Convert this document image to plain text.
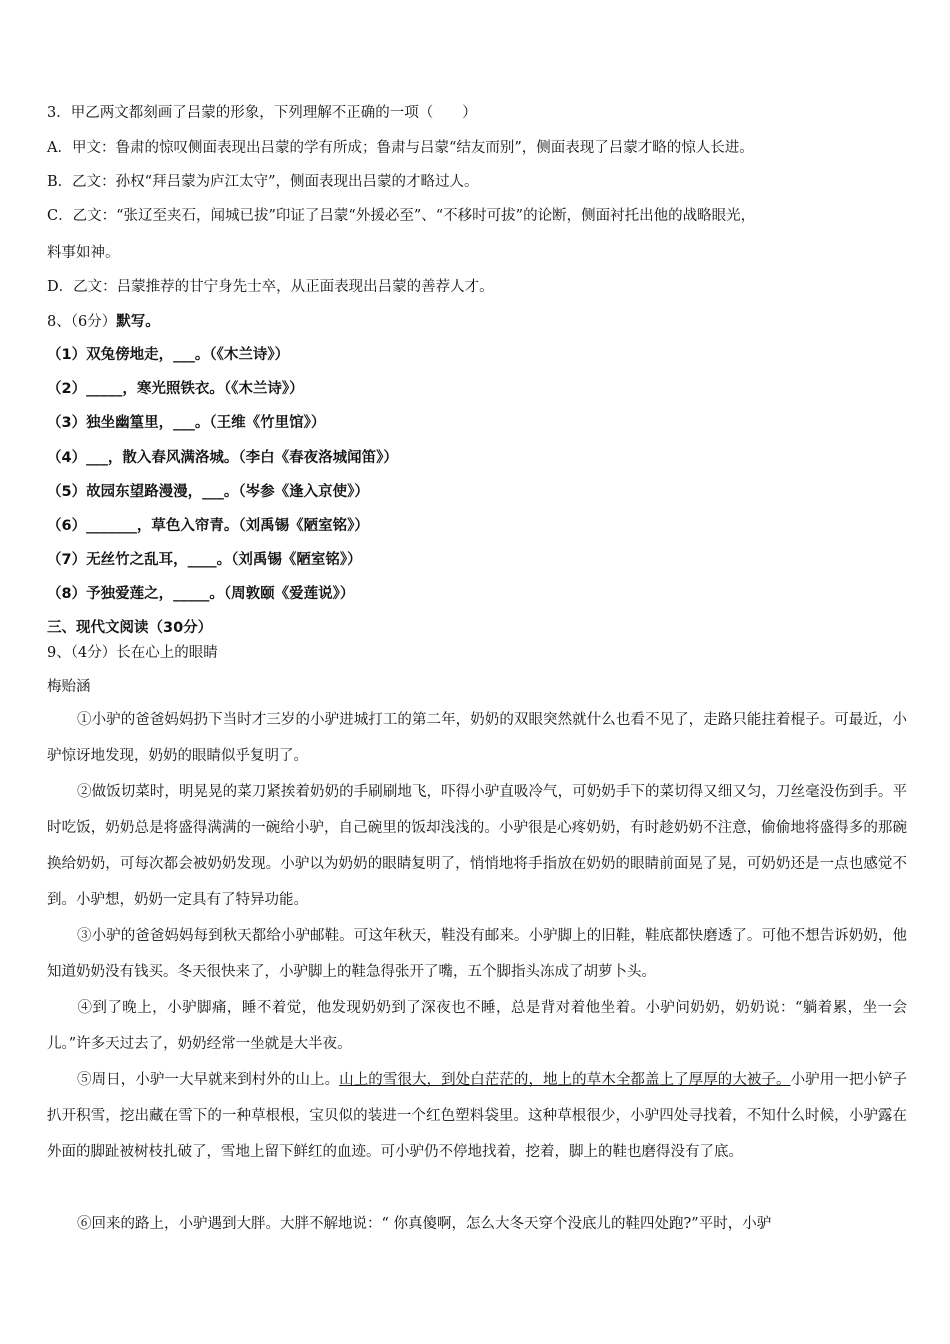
3．甲乙两文都刻画了吕蒙的形象，下列理解不正确的一项（　　）
A．甲文：鲁肃的惊叹侧面表现出吕蒙的学有所成；鲁肃与吕蒙“结友而别”，侧面表现了吕蒙才略的惊人长进。
B．乙文：孙权“拜吕蒙为庐江太守”，侧面表现出吕蒙的才略过人。
C．乙文：“张辽至夹石，闻城已拔”印证了吕蒙“外援必至”、“不移时可拔”的论断，侧面衬托出他的战略眼光，
料事如神。
D．乙文：吕蒙推荐的甘宁身先士卒，从正面表现出吕蒙的善荐人才。
8、（6分）默写。
（1）双兔傍地走，___。（《木兰诗》）
（2）_____，寒光照铁衣。（《木兰诗》）
（3）独坐幽篁里，___。（王维《竹里馆》）
（4）___，散入春风满洛城。（李白《春夜洛城闻笛》）
（5）故园东望路漫漫，___。（岑参《逢入京使》）
（6）_______，草色入帘青。（刘禹锡《陋室铭》）
（7）无丝竹之乱耳，____。（刘禹锡《陋室铭》）
（8）予独爱莲之，_____。（周敦颐《爱莲说》）
三、现代文阅读（30分）
9、（4分）长在心上的眼睛
梅贻涵
①小驴的爸爸妈妈扔下当时才三岁的小驴进城打工的第二年，奶奶的双眼突然就什么也看不见了，走路只能拄着棍子。可最近，小驴惊讶地发现，奶奶的眼睛似乎复明了。
②做饭切菜时，明晃晃的菜刀紧挨着奶奶的手刷刷地飞，吓得小驴直吸冷气，可奶奶手下的菜切得又细又匀，刀丝毫没伤到手。平时吃饭，奶奶总是将盛得满满的一碗给小驴，自己碗里的饭却浅浅的。小驴很是心疼奶奶，有时趁奶奶不注意，偷偷地将盛得多的那碗换给奶奶，可每次都会被奶奶发现。小驴以为奶奶的眼睛复明了，悄悄地将手指放在奶奶的眼睛前面晃了晃，可奶奶还是一点也感觉不到。小驴想，奶奶一定具有了特异功能。
③小驴的爸爸妈妈每到秋天都给小驴邮鞋。可这年秋天，鞋没有邮来。小驴脚上的旧鞋，鞋底都快磨透了。可他不想告诉奶奶，他知道奶奶没有钱买。冬天很快来了，小驴脚上的鞋急得张开了嘴，五个脚指头冻成了胡萝卜头。
④到了晚上，小驴脚痛，睡不着觉，他发现奶奶到了深夜也不睡，总是背对着他坐着。小驴问奶奶，奶奶说：“躺着累，坐一会儿。”许多天过去了，奶奶经常一坐就是大半夜。
⑤周日，小驴一大早就来到村外的山上。山上的雪很大，到处白茫茫的，地上的草木全都盖上了厚厚的大被子。小驴用一把小铲子扒开积雪，挖出藏在雪下的一种草根根，宝贝似的装进一个红色塑料袋里。这种草根很少，小驴四处寻找着，不知什么时候，小驴露在外面的脚趾被树枝扎破了，雪地上留下鲜红的血迹。可小驴仍不停地找着，挖着，脚上的鞋也磨得没有了底。
⑥回来的路上，小驴遇到大胖。大胖不解地说：“ 你真傻啊，怎么大冬天穿个没底儿的鞋四处跑?”平时，小驴
